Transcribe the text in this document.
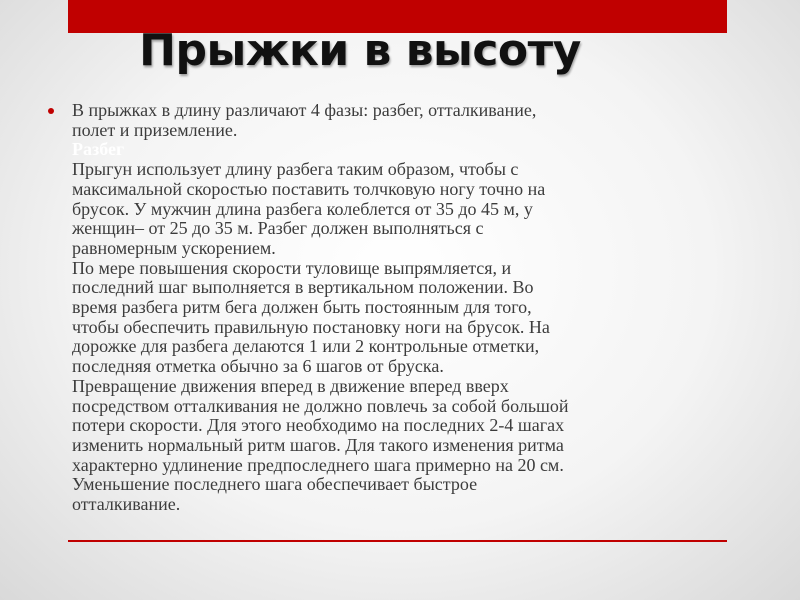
Прыжки в высоту
В прыжках в длину различают 4 фазы: разбег, отталкивание,
полет и приземление.
Разбег
Прыгун использует длину разбега таким образом, чтобы с
максимальной скоростью поставить толчковую ногу точно на
брусок. У мужчин длина разбега колеблется от 35 до 45 м, у
женщин– от 25 до 35 м. Разбег должен выполняться с
равномерным ускорением.
По мере повышения скорости туловище выпрямляется, и
последний шаг выполняется в вертикальном положении. Во
время разбега ритм бега должен быть постоянным для того,
чтобы обеспечить правильную постановку ноги на брусок. На
дорожке для разбега делаются 1 или 2 контрольные отметки,
последняя отметка обычно за 6 шагов от бруска.
Превращение движения вперед в движение вперед вверх
посредством отталкивания не должно повлечь за собой большой
потери скорости. Для этого необходимо на последних 2-4 шагах
изменить нормальный ритм шагов. Для такого изменения ритма
характерно удлинение предпоследнего шага примерно на 20 см.
Уменьшение последнего шага обеспечивает быстрое
отталкивание.
